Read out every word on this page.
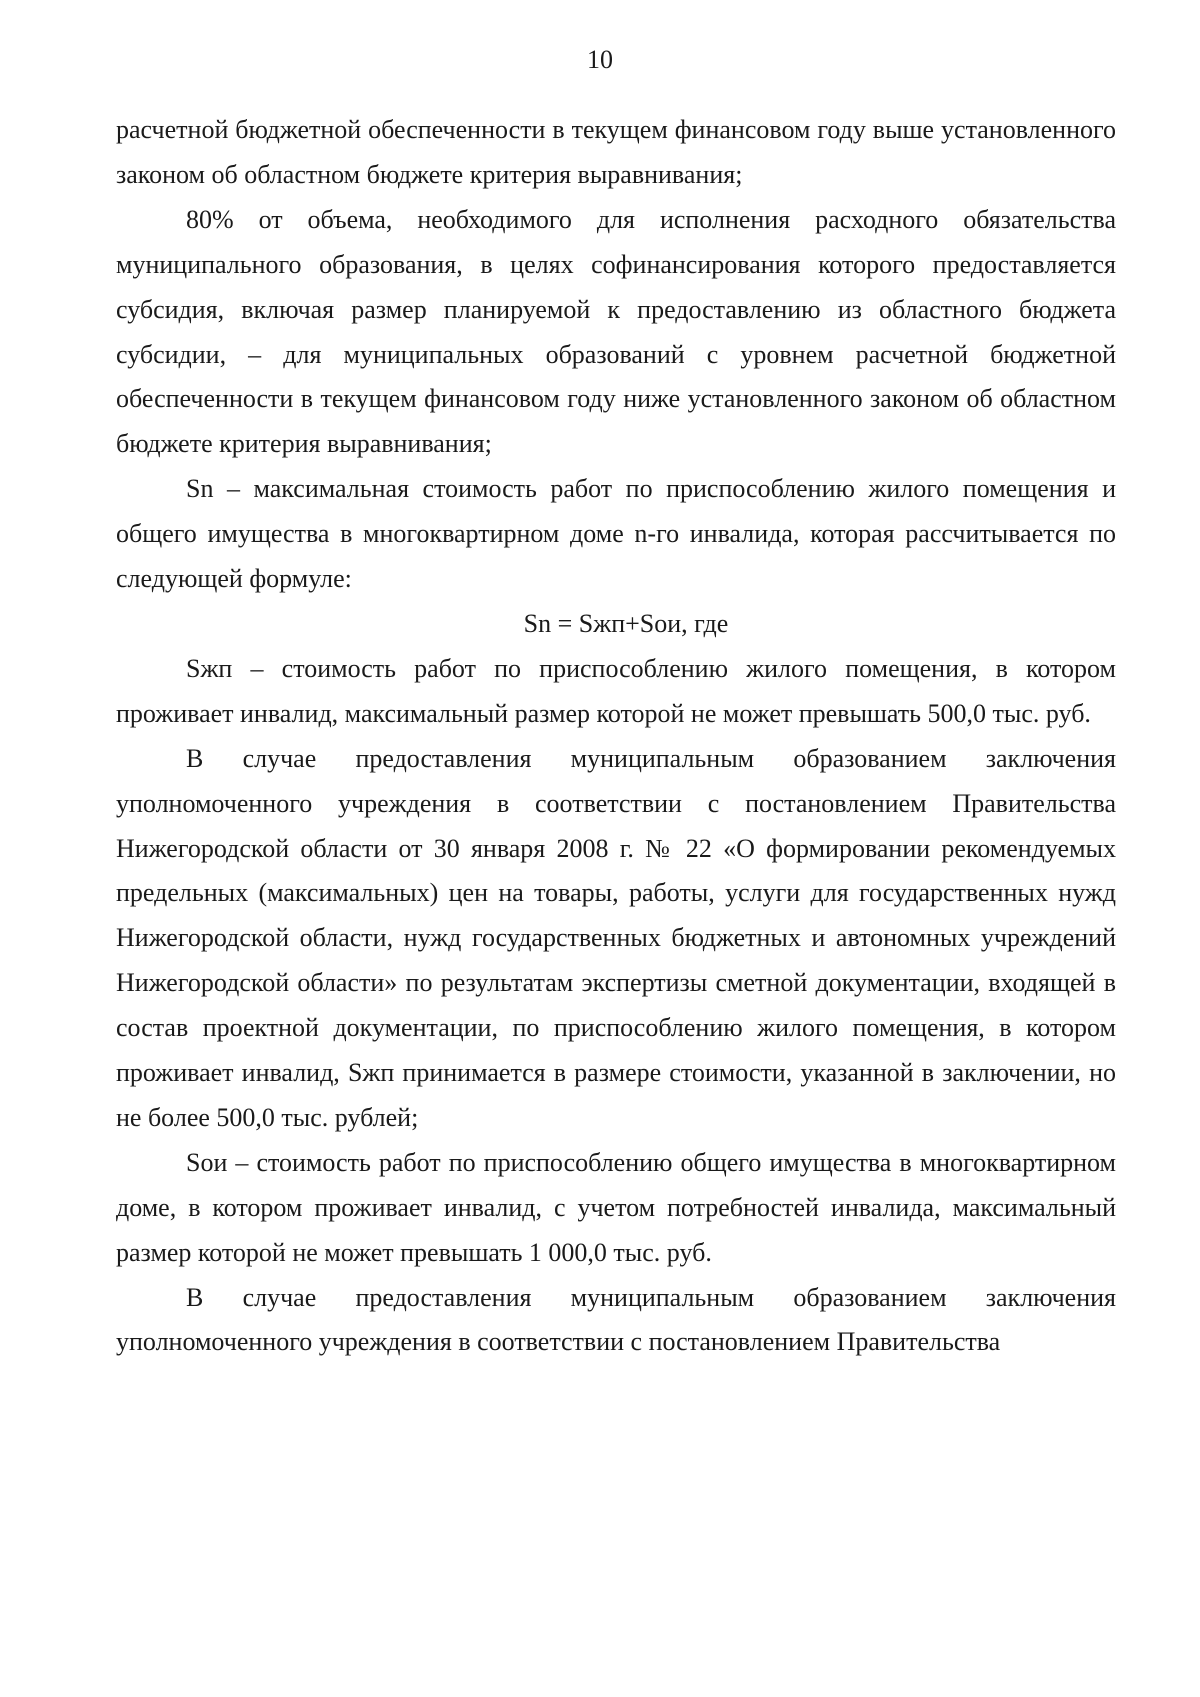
10

расчетной бюджетной обеспеченности в текущем финансовом году выше установленного законом об областном бюджете критерия выравнивания;

80% от объема, необходимого для исполнения расходного обязательства муниципального образования, в целях софинансирования которого предоставляется субсидия, включая размер планируемой к предоставлению из областного бюджета субсидии, – для муниципальных образований с уровнем расчетной бюджетной обеспеченности в текущем финансовом году ниже установленного законом об областном бюджете критерия выравнивания;

Sn – максимальная стоимость работ по приспособлению жилого помещения и общего имущества в многоквартирном доме n-го инвалида, которая рассчитывается по следующей формуле:

Sn = Sжп+Sои, где

Sжп – стоимость работ по приспособлению жилого помещения, в котором проживает инвалид, максимальный размер которой не может превышать 500,0 тыс. руб.

В случае предоставления муниципальным образованием заключения уполномоченного учреждения в соответствии с постановлением Правительства Нижегородской области от 30 января 2008 г. № 22 «О формировании рекомендуемых предельных (максимальных) цен на товары, работы, услуги для государственных нужд Нижегородской области, нужд государственных бюджетных и автономных учреждений Нижегородской области» по результатам экспертизы сметной документации, входящей в состав проектной документации, по приспособлению жилого помещения, в котором проживает инвалид, Sжп принимается в размере стоимости, указанной в заключении, но не более 500,0 тыс. рублей;

Sои – стоимость работ по приспособлению общего имущества в многоквартирном доме, в котором проживает инвалид, с учетом потребностей инвалида, максимальный размер которой не может превышать 1 000,0 тыс. руб.

В случае предоставления муниципальным образованием заключения уполномоченного учреждения в соответствии с постановлением Правительства
